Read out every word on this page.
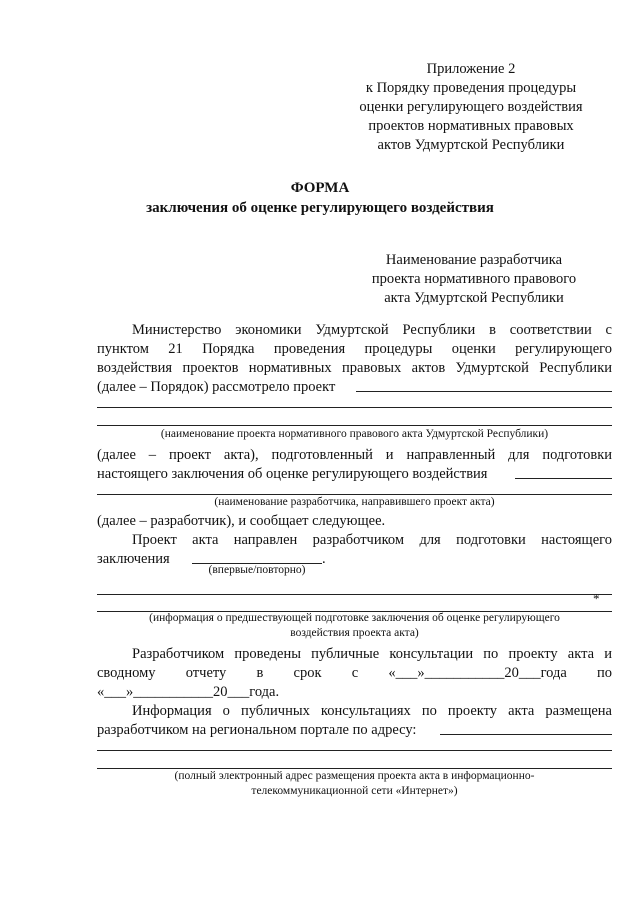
Приложение 2
к Порядку проведения процедуры
оценки регулирующего воздействия
проектов нормативных правовых
актов Удмуртской Республики
ФОРМА
заключения об оценке регулирующего воздействия
Наименование разработчика
проекта нормативного правового
акта Удмуртской Республики
Министерство экономики Удмуртской Республики в соответствии с
пунктом 21 Порядка проведения процедуры оценки регулирующего
воздействия проектов нормативных правовых актов Удмуртской Республики
(далее – Порядок) рассмотрело проект
(наименование проекта нормативного правового акта Удмуртской Республики)
(далее – проект акта), подготовленный и направленный для подготовки
настоящего заключения об оценке регулирующего воздействия
(наименование разработчика, направившего проект акта)
(далее – разработчик), и сообщает следующее.
Проект акта направлен разработчиком для подготовки настоящего
заключения	.
(впервые/повторно)
*
(информация о предшествующей подготовке заключения об оценке регулирующего
воздействия проекта акта)
Разработчиком проведены публичные консультации по проекту акта и
сводному отчету в срок с «___»___________20___года по
«___»___________20___года.
Информация о публичных консультациях по проекту акта размещена
разработчиком на региональном портале по адресу:
(полный электронный адрес размещения проекта акта в информационно-
телекоммуникационной сети «Интернет»)
